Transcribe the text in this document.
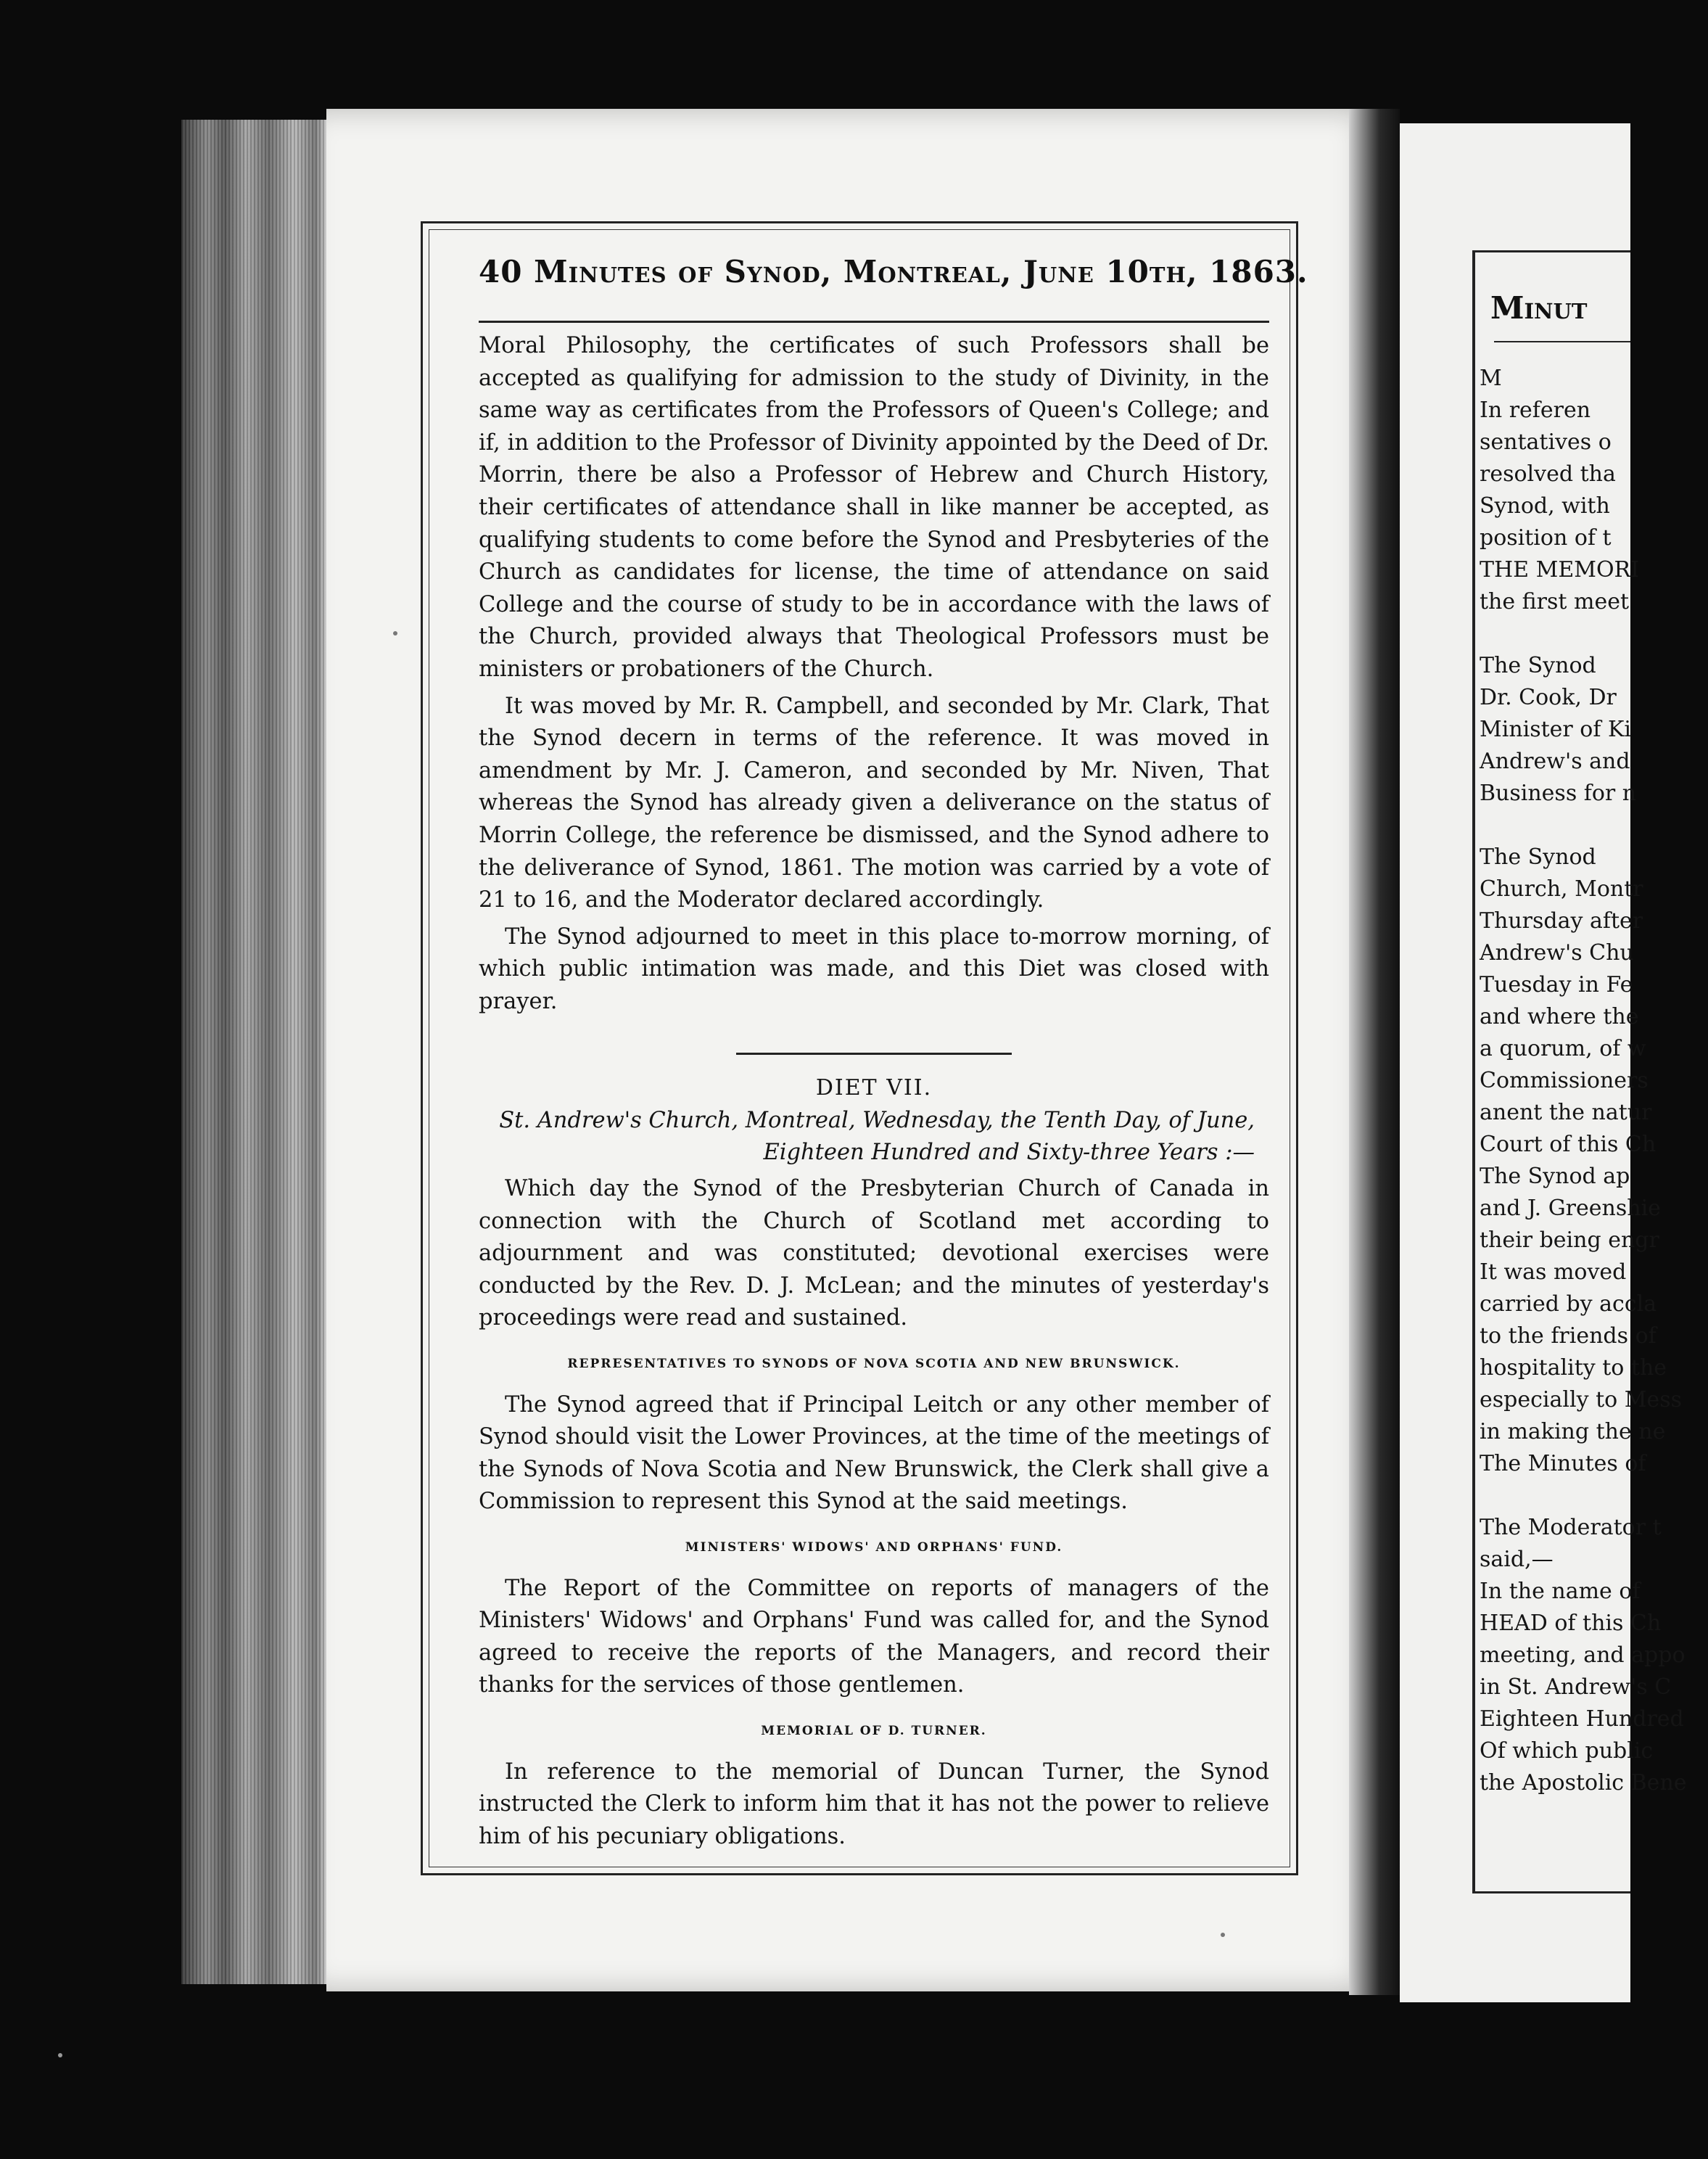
40 Minutes of Synod, Montreal, June 10th, 1863.

Moral Philosophy, the certificates of such Professors shall be accepted as qualifying for admission to the study of Divinity, in the same way as certificates from the Professors of Queen's College; and if, in addition to the Professor of Divinity appointed by the Deed of Dr. Morrin, there be also a Professor of Hebrew and Church History, their certificates of attendance shall in like manner be accepted, as qualifying students to come before the Synod and Presbyteries of the Church as candidates for license, the time of attendance on said College and the course of study to be in accordance with the laws of the Church, provided always that Theological Professors must be ministers or probationers of the Church.

It was moved by Mr. R. Campbell, and seconded by Mr. Clark, That the Synod decern in terms of the reference. It was moved in amendment by Mr. J. Cameron, and seconded by Mr. Niven, That whereas the Synod has already given a deliverance on the status of Morrin College, the reference be dismissed, and the Synod adhere to the deliverance of Synod, 1861. The motion was carried by a vote of 21 to 16, and the Moderator declared accordingly.

The Synod adjourned to meet in this place to-morrow morning, of which public intimation was made, and this Diet was closed with prayer.

DIET VII.

St. Andrew's Church, Montreal, Wednesday, the Tenth Day, of June, Eighteen Hundred and Sixty-three Years :—

Which day the Synod of the Presbyterian Church of Canada in connection with the Church of Scotland met according to adjournment and was constituted; devotional exercises were conducted by the Rev. D. J. McLean; and the minutes of yesterday's proceedings were read and sustained.

REPRESENTATIVES TO SYNODS OF NOVA SCOTIA AND NEW BRUNSWICK.

The Synod agreed that if Principal Leitch or any other member of Synod should visit the Lower Provinces, at the time of the meetings of the Synods of Nova Scotia and New Brunswick, the Clerk shall give a Commission to represent this Synod at the said meetings.

MINISTERS' WIDOWS' AND ORPHANS' FUND.

The Report of the Committee on reports of managers of the Ministers' Widows' and Orphans' Fund was called for, and the Synod agreed to receive the reports of the Managers, and record their thanks for the services of those gentlemen.

MEMORIAL OF D. TURNER.

In reference to the memorial of Duncan Turner, the Synod instructed the Clerk to inform him that it has not the power to relieve him of his pecuniary obligations.

Minut
M
In referen
sentatives o
resolved tha
Synod, with
position of t
THE MEMORI
the first meet
The Synod
Dr. Cook, Dr
Minister of Ki
Andrew's and
Business for n
The Synod
Church, Montr
Thursday after
Andrew's Chu
Tuesday in Fe
and where the
a quorum, of w
Commissioners
anent the natur
Court of this Ch
The Synod ap
and J. Greenshie
their being engr
It was moved
carried by accla
to the friends of
hospitality to the
especially to Mess
in making the ne
The Minutes of
The Moderator t
said,—
In the name of
HEAD of this Ch
meeting, and appo
in St. Andrew's C
Eighteen Hundred
Of which public
the Apostolic Bene
